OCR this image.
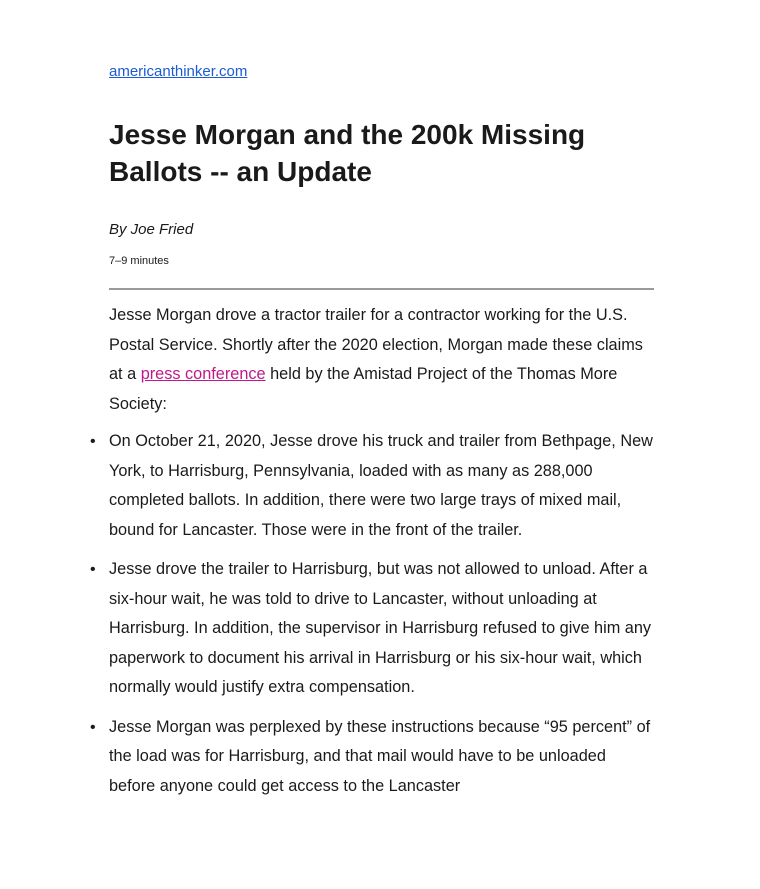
americanthinker.com
Jesse Morgan and the 200k Missing Ballots -- an Update
By Joe Fried
7–9 minutes

Jesse Morgan drove a tractor trailer for a contractor working for the U.S. Postal Service. Shortly after the 2020 election, Morgan made these claims at a press conference held by the Amistad Project of the Thomas More Society:

• On October 21, 2020, Jesse drove his truck and trailer from Bethpage, New York, to Harrisburg, Pennsylvania, loaded with as many as 288,000 completed ballots. In addition, there were two large trays of mixed mail, bound for Lancaster. Those were in the front of the trailer.
• Jesse drove the trailer to Harrisburg, but was not allowed to unload. After a six-hour wait, he was told to drive to Lancaster, without unloading at Harrisburg. In addition, the supervisor in Harrisburg refused to give him any paperwork to document his arrival in Harrisburg or his six-hour wait, which normally would justify extra compensation.
• Jesse Morgan was perplexed by these instructions because “95 percent” of the load was for Harrisburg, and that mail would have to be unloaded before anyone could get access to the Lancaster
